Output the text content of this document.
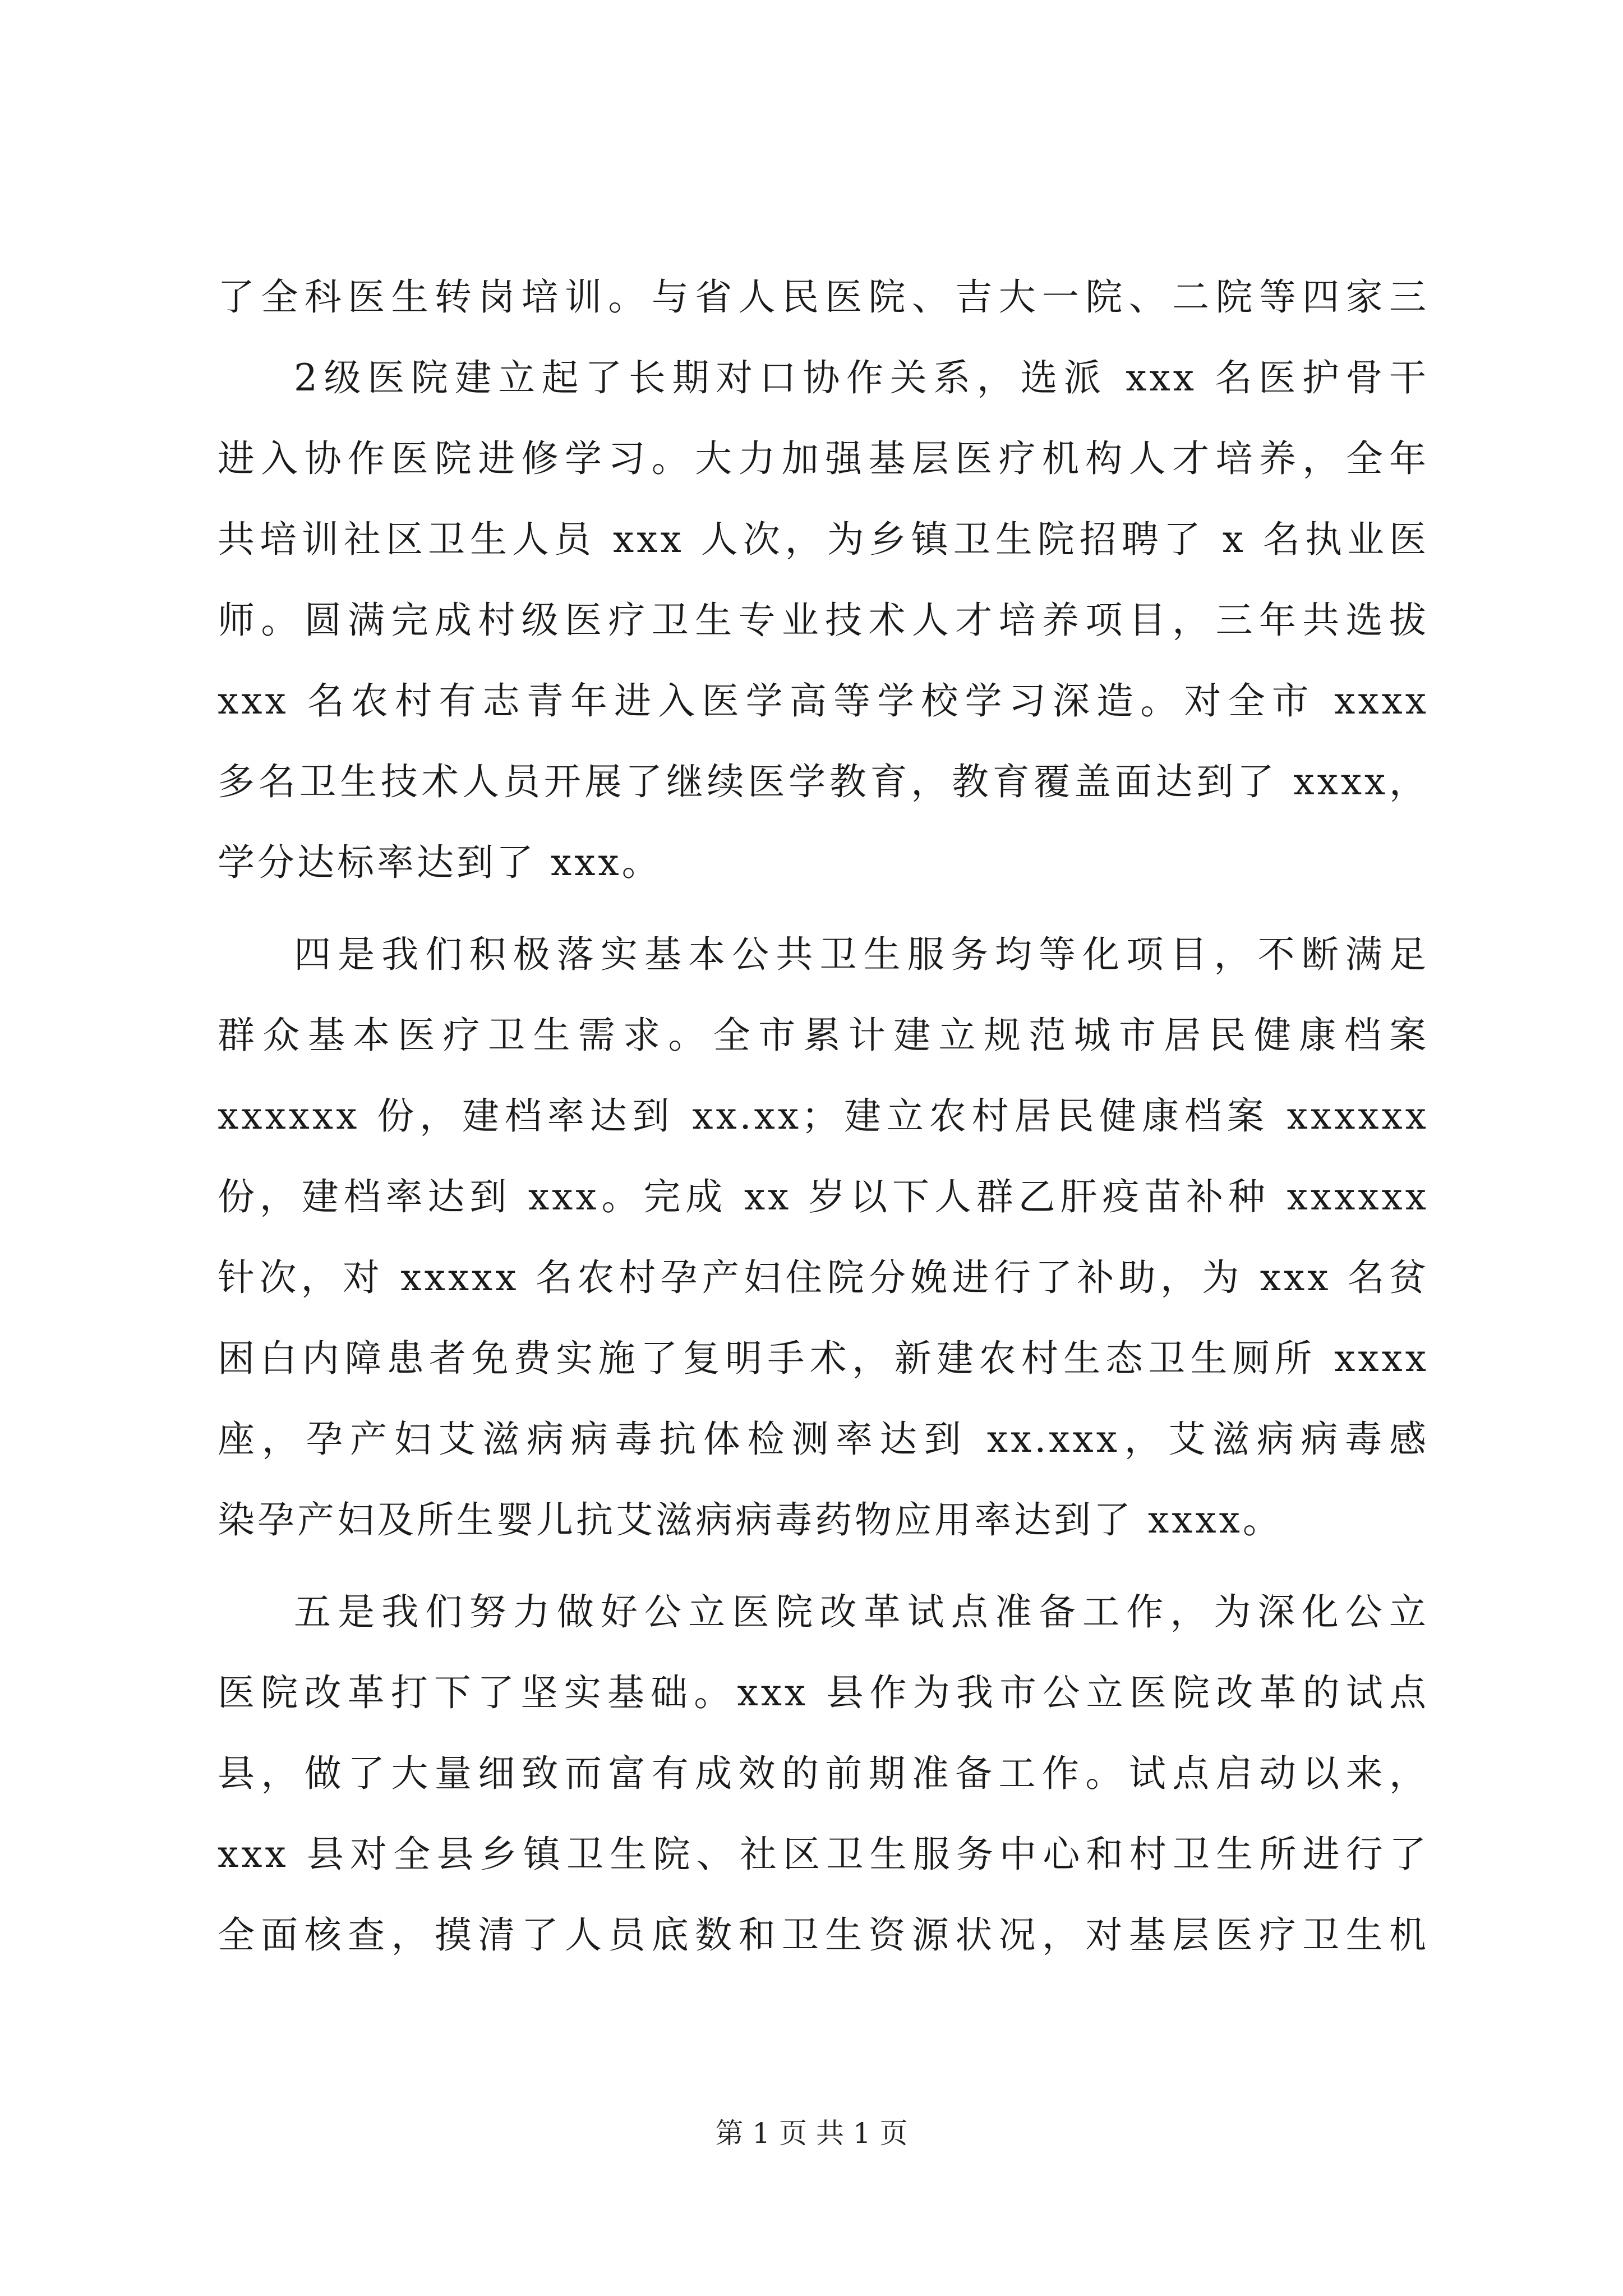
了全科医生转岗培训。与省人民医院、吉大一院、二院等四家三
2级医院建立起了长期对口协作关系，选派 xxx 名医护骨干
进入协作医院进修学习。大力加强基层医疗机构人才培养，全年
共培训社区卫生人员 xxx 人次，为乡镇卫生院招聘了 x 名执业医
师。圆满完成村级医疗卫生专业技术人才培养项目，三年共选拔
xxx 名农村有志青年进入医学高等学校学习深造。对全市 xxxx
多名卫生技术人员开展了继续医学教育，教育覆盖面达到了 xxxx，
学分达标率达到了 xxx。
四是我们积极落实基本公共卫生服务均等化项目，不断满足
群众基本医疗卫生需求。全市累计建立规范城市居民健康档案
xxxxxx 份，建档率达到 xx.xx；建立农村居民健康档案 xxxxxx
份，建档率达到 xxx。完成 xx 岁以下人群乙肝疫苗补种 xxxxxx
针次，对 xxxxx 名农村孕产妇住院分娩进行了补助，为 xxx 名贫
困白内障患者免费实施了复明手术，新建农村生态卫生厕所 xxxx
座，孕产妇艾滋病病毒抗体检测率达到 xx.xxx，艾滋病病毒感
染孕产妇及所生婴儿抗艾滋病病毒药物应用率达到了 xxxx。
五是我们努力做好公立医院改革试点准备工作，为深化公立
医院改革打下了坚实基础。xxx 县作为我市公立医院改革的试点
县，做了大量细致而富有成效的前期准备工作。试点启动以来，
xxx 县对全县乡镇卫生院、社区卫生服务中心和村卫生所进行了
全面核查，摸清了人员底数和卫生资源状况，对基层医疗卫生机
第 1 页 共 1 页
